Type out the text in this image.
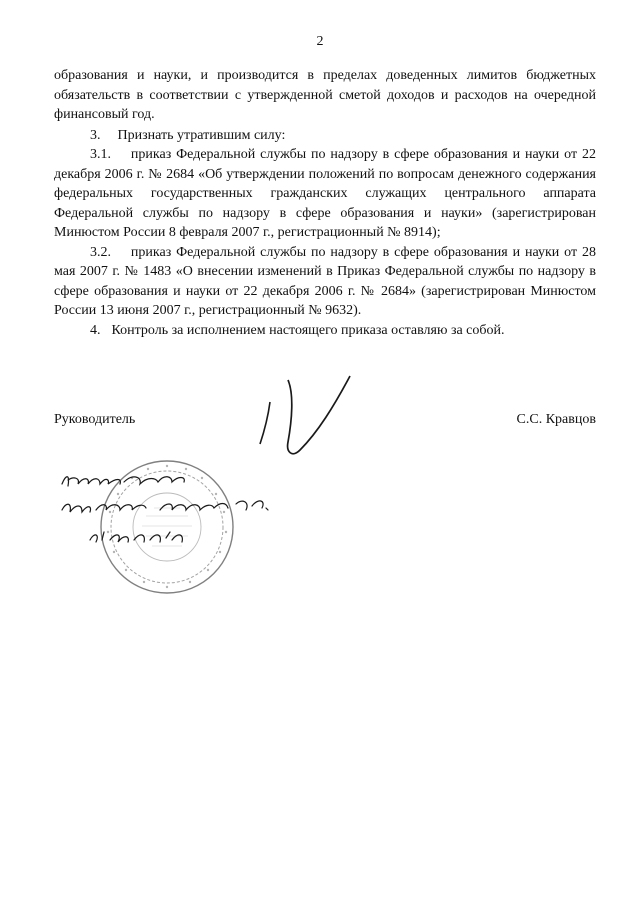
2

образования и науки, и производится в пределах доведенных лимитов бюджетных обязательств в соответствии с утвержденной сметой доходов и расходов на очередной финансовый год.

3. Признать утратившим силу:

3.1. приказ Федеральной службы по надзору в сфере образования и науки от 22 декабря 2006 г. № 2684 «Об утверждении положений по вопросам денежного содержания федеральных государственных гражданских служащих центрального аппарата Федеральной службы по надзору в сфере образования и науки» (зарегистрирован Минюстом России 8 февраля 2007 г., регистрационный № 8914);

3.2. приказ Федеральной службы по надзору в сфере образования и науки от 28 мая 2007 г. № 1483 «О внесении изменений в Приказ Федеральной службы по надзору в сфере образования и науки от 22 декабря 2006 г. № 2684» (зарегистрирован Минюстом России 13 июня 2007 г., регистрационный № 9632).

4. Контроль за исполнением настоящего приказа оставляю за собой.

Руководитель	С.С. Кравцов
